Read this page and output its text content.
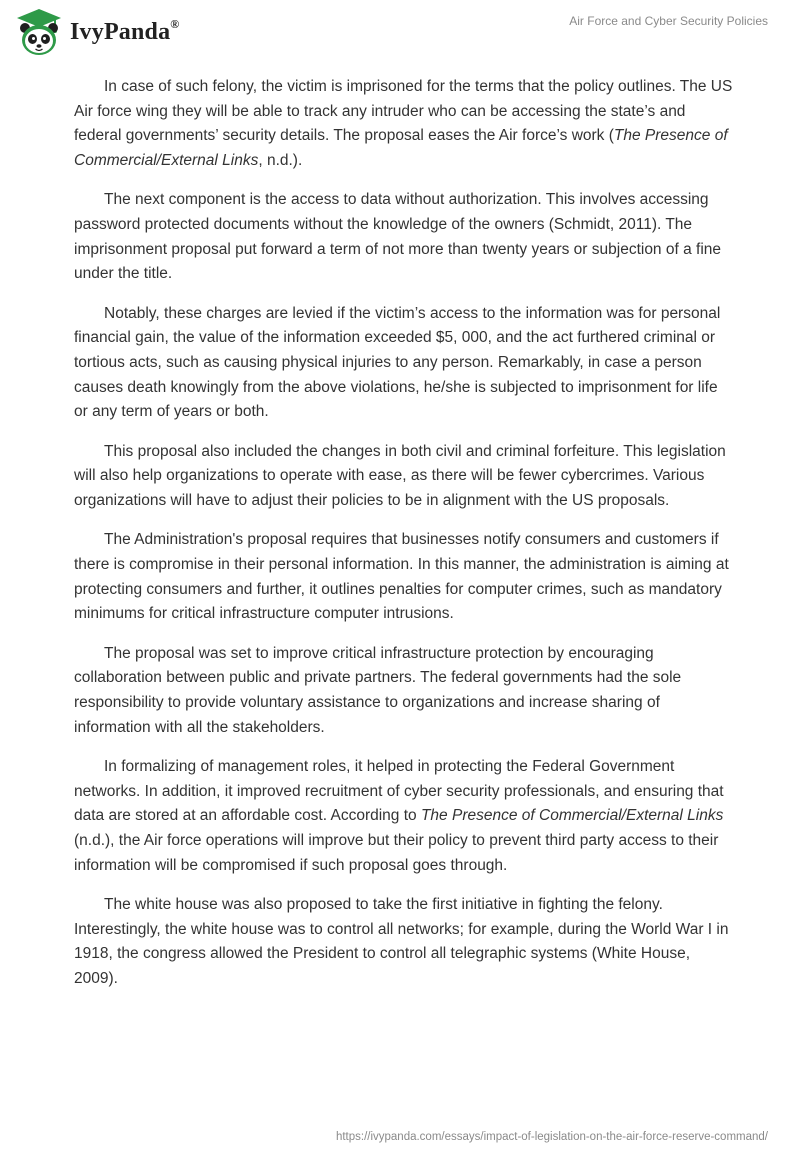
IvyPanda®	Air Force and Cyber Security Policies

In case of such felony, the victim is imprisoned for the terms that the policy outlines. The US Air force wing they will be able to track any intruder who can be accessing the state’s and federal governments’ security details. The proposal eases the Air force’s work (The Presence of Commercial/External Links, n.d.).

The next component is the access to data without authorization. This involves accessing password protected documents without the knowledge of the owners (Schmidt, 2011). The imprisonment proposal put forward a term of not more than twenty years or subjection of a fine under the title.

Notably, these charges are levied if the victim’s access to the information was for personal financial gain, the value of the information exceeded $5, 000, and the act furthered criminal or tortious acts, such as causing physical injuries to any person. Remarkably, in case a person causes death knowingly from the above violations, he/she is subjected to imprisonment for life or any term of years or both.

This proposal also included the changes in both civil and criminal forfeiture. This legislation will also help organizations to operate with ease, as there will be fewer cybercrimes. Various organizations will have to adjust their policies to be in alignment with the US proposals.

The Administration's proposal requires that businesses notify consumers and customers if there is compromise in their personal information. In this manner, the administration is aiming at protecting consumers and further, it outlines penalties for computer crimes, such as mandatory minimums for critical infrastructure computer intrusions.

The proposal was set to improve critical infrastructure protection by encouraging collaboration between public and private partners. The federal governments had the sole responsibility to provide voluntary assistance to organizations and increase sharing of information with all the stakeholders.

In formalizing of management roles, it helped in protecting the Federal Government networks. In addition, it improved recruitment of cyber security professionals, and ensuring that data are stored at an affordable cost. According to The Presence of Commercial/External Links (n.d.), the Air force operations will improve but their policy to prevent third party access to their information will be compromised if such proposal goes through.

The white house was also proposed to take the first initiative in fighting the felony. Interestingly, the white house was to control all networks; for example, during the World War I in 1918, the congress allowed the President to control all telegraphic systems (White House, 2009).

https://ivypanda.com/essays/impact-of-legislation-on-the-air-force-reserve-command/
